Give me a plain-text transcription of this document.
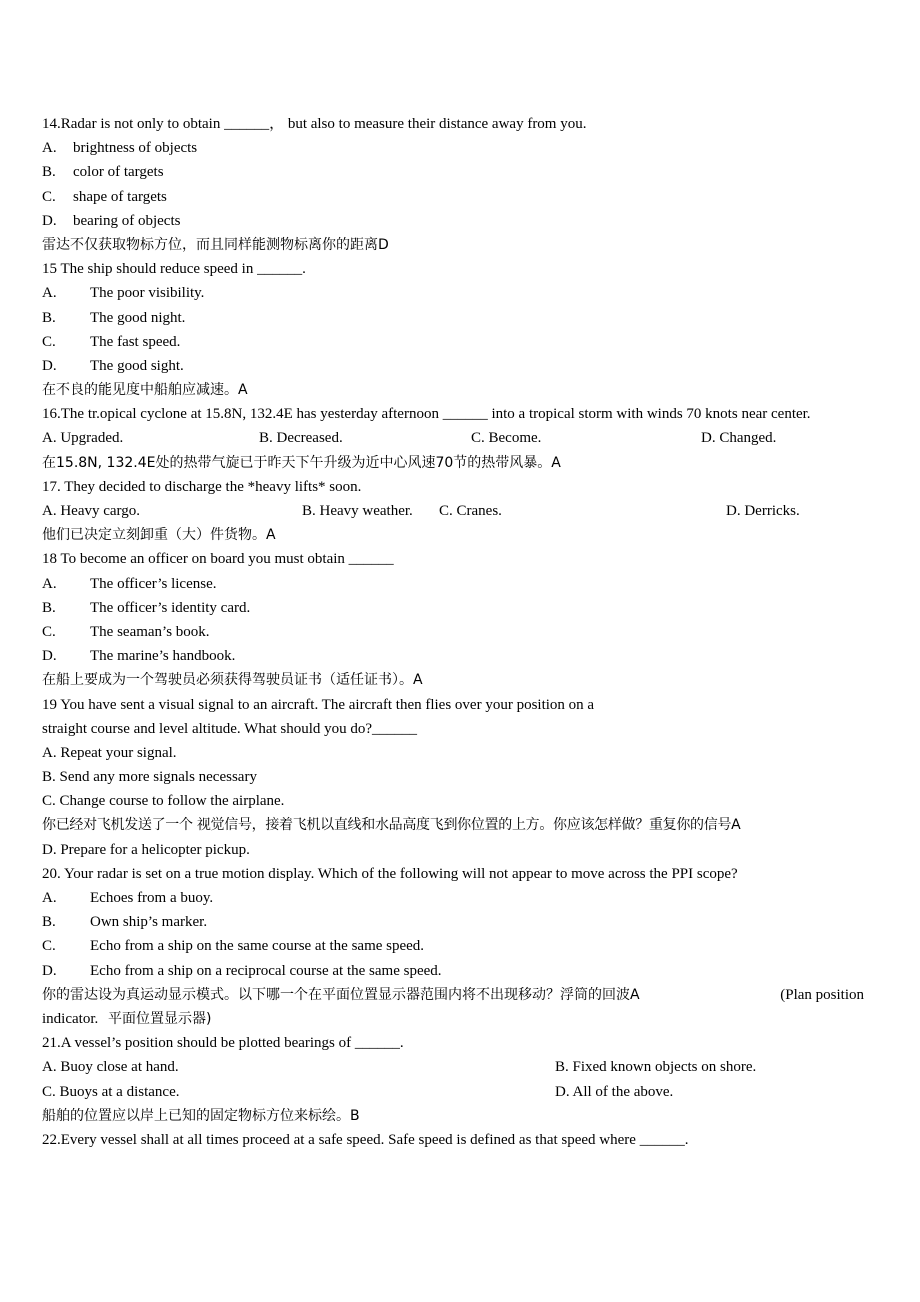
14.Radar is not only to obtain ______， but also to measure their distance away from you.
A.	brightness of objects
B.	color of targets
C.	shape of targets
D.	bearing of objects
雷达不仅获取物标方位，而且同样能测物标离你的距离D
15 The ship should reduce speed in ______.
A.	The poor visibility.
B.	The good night.
C.	The fast speed.
D.	The good sight.
在不良的能见度中船舶应减速。A
16.The tr.opical cyclone at 15.8N, 132.4E has yesterday afternoon ______ into a tropical storm with winds 70 knots near center.
A. Upgraded.	B. Decreased.	C. Become.	D. Changed.
在15.8N, 132.4E处的热带气旋已于昨天下午升级为近中心风速70节的热带风暴。A
17. They decided to discharge the *heavy lifts* soon.
A. Heavy cargo.	B. Heavy weather.	C. Cranes.	D. Derricks.
他们已决定立刻卸重（大）件货物。A
18 To become an officer on board you must obtain ______
A.	The officer’s license.
B.	The officer’s identity card.
C.	The seaman’s book.
D.	The marine’s handbook.
在船上要成为一个驾驶员必须获得驾驶员证书（适任证书）。A
19 You have sent a visual signal to an aircraft. The aircraft then flies over your position on a
straight course and level altitude. What should you do?______
A. Repeat your signal.
B. Send any more signals necessary
C. Change course to follow the airplane.
你已经对飞机发送了一个 视觉信号，接着飞机以直线和水品高度飞到你位置的上方。你应该怎样做？重复你的信号A
D. Prepare for a helicopter pickup.
20. Your radar is set on a true motion display. Which of the following will not appear to move across the PPI scope?
A.	Echoes from a buoy.
B.	Own ship’s marker.
C.	Echo from a ship on the same course at the same speed.
D.	Echo from a ship on a reciprocal course at the same speed.
你的雷达设为真运动显示模式。以下哪一个在平面位置显示器范围内将不出现移动？浮筒的回波A	(Plan position
indicator. 平面位置显示器)
21.A vessel’s position should be plotted bearings of ______.
A. Buoy close at hand.	B. Fixed known objects on shore.
C. Buoys at a distance.	D. All of the above.
船舶的位置应以岸上已知的固定物标方位来标绘。B
22.Every vessel shall at all times proceed at a safe speed. Safe speed is defined as that speed where ______.
